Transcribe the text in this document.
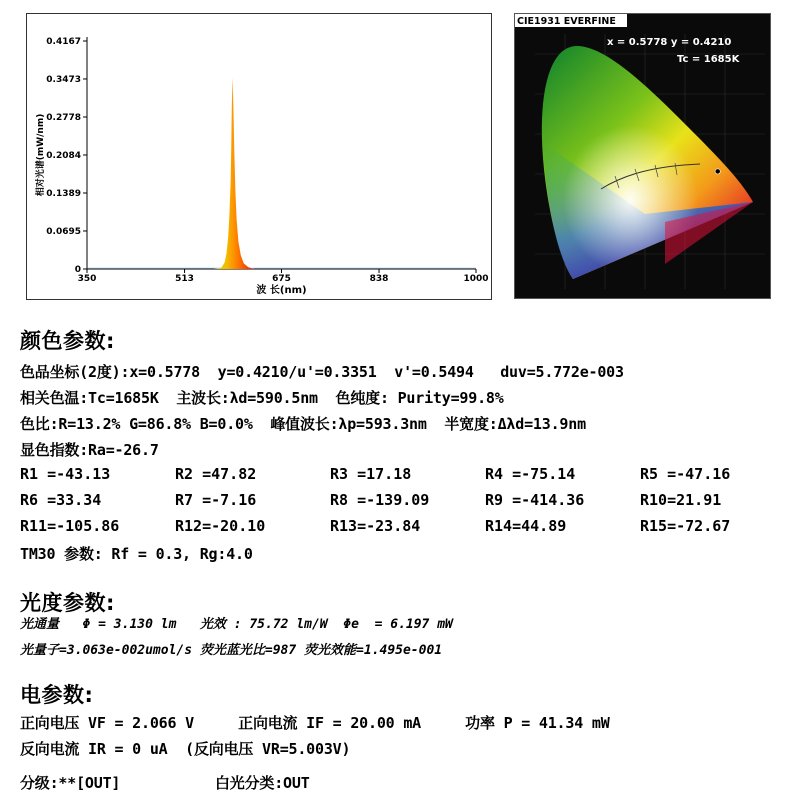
0
0.0695
0.1389
0.2084
0.2778
0.3473
0.4167
350	513	675	838	1000
波 长(nm)
相对光谱(mW/nm)
CIE1931 EVERFINE
x = 0.5778 y = 0.4210
Tc = 1685K
颜色参数:
色品坐标(2度):x=0.5778  y=0.4210/u'=0.3351  v'=0.5494   duv=5.772e-003
相关色温:Tc=1685K  主波长:λd=590.5nm  色纯度: Purity=99.8%
色比:R=13.2% G=86.8% B=0.0%  峰值波长:λp=593.3nm  半宽度:Δλd=13.9nm
显色指数:Ra=-26.7
R1 =-43.13	R2 =47.82	R3 =17.18	R4 =-75.14	R5 =-47.16
R6 =33.34	R7 =-7.16	R8 =-139.09	R9 =-414.36	R10=21.91
R11=-105.86	R12=-20.10	R13=-23.84	R14=44.89	R15=-72.67
TM30 参数: Rf = 0.3, Rg:4.0
光度参数:
光通量   Φ = 3.130 lm   光效 : 75.72 lm/W  Φe  = 6.197 mW
光量子=3.063e-002umol/s 荧光蓝光比=987 荧光效能=1.495e-001
电参数:
正向电压 VF = 2.066 V     正向电流 IF = 20.00 mA     功率 P = 41.34 mW
反向电流 IR = 0 uA  (反向电压 VR=5.003V)
分级:**[OUT]	白光分类:OUT
